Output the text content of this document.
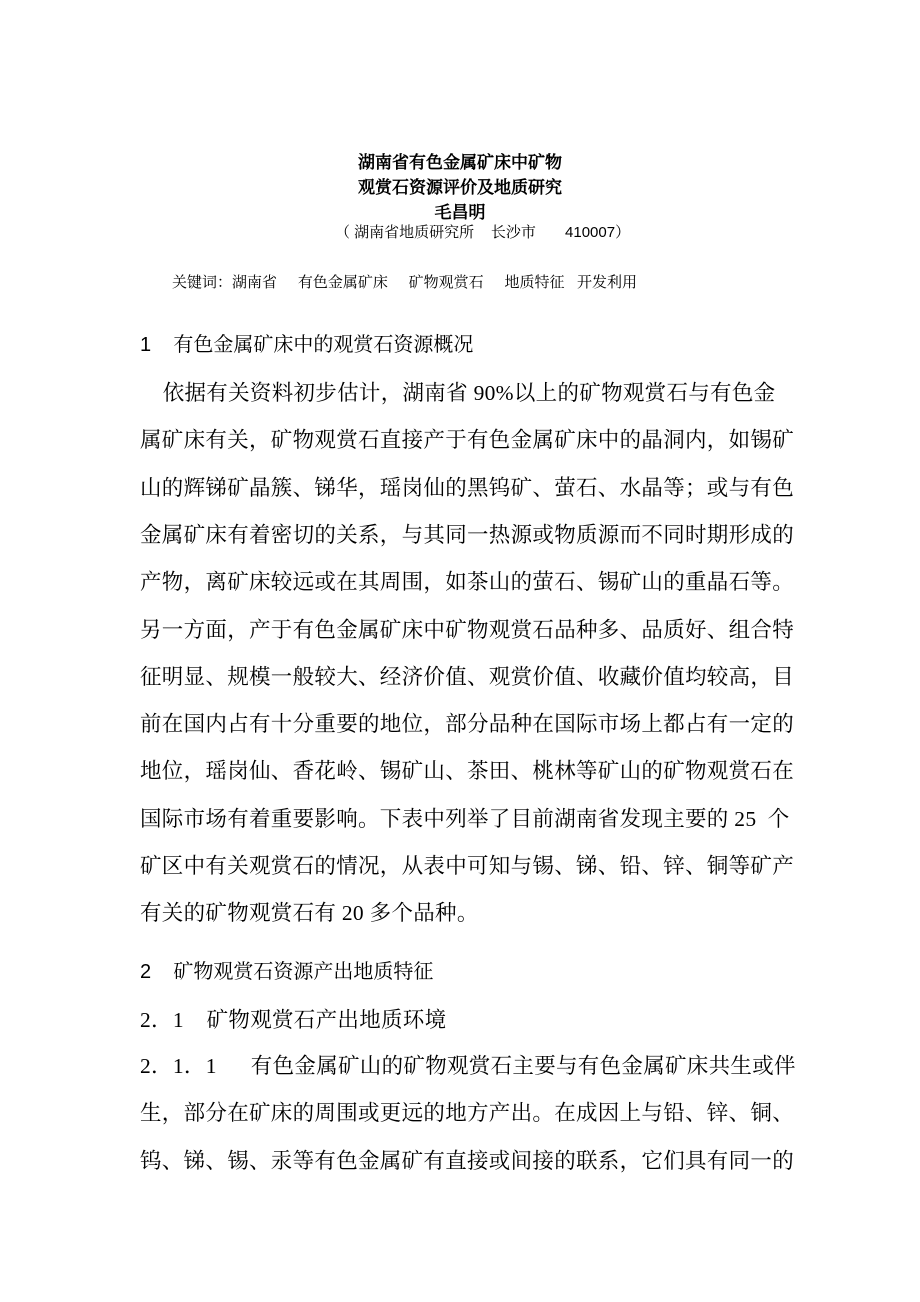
湖南省有色金属矿床中矿物
观赏石资源评价及地质研究
毛昌明
（ 湖南省地质研究所    长沙市       410007）
关键词：湖南省     有色金属矿床     矿物观赏石     地质特征   开发利用
1    有色金属矿床中的观赏石资源概况
依据有关资料初步估计，湖南省 90%以上的矿物观赏石与有色金
属矿床有关，矿物观赏石直接产于有色金属矿床中的晶洞内，如锡矿
山的辉锑矿晶簇、锑华，瑶岗仙的黑钨矿、萤石、水晶等；或与有色
金属矿床有着密切的关系，与其同一热源或物质源而不同时期形成的
产物，离矿床较远或在其周围，如茶山的萤石、锡矿山的重晶石等。
另一方面，产于有色金属矿床中矿物观赏石品种多、品质好、组合特
征明显、规模一般较大、经济价值、观赏价值、收藏价值均较高，目
前在国内占有十分重要的地位，部分品种在国际市场上都占有一定的
地位，瑶岗仙、香花岭、锡矿山、茶田、桃林等矿山的矿物观赏石在
国际市场有着重要影响。下表中列举了目前湖南省发现主要的 25  个
矿区中有关观赏石的情况，从表中可知与锡、锑、铅、锌、铜等矿产
有关的矿物观赏石有 20 多个品种。
2    矿物观赏石资源产出地质特征
2．1    矿物观赏石产出地质环境
2．1．1      有色金属矿山的矿物观赏石主要与有色金属矿床共生或伴
生，部分在矿床的周围或更远的地方产出。在成因上与铅、锌、铜、
钨、锑、锡、汞等有色金属矿有直接或间接的联系，它们具有同一的
